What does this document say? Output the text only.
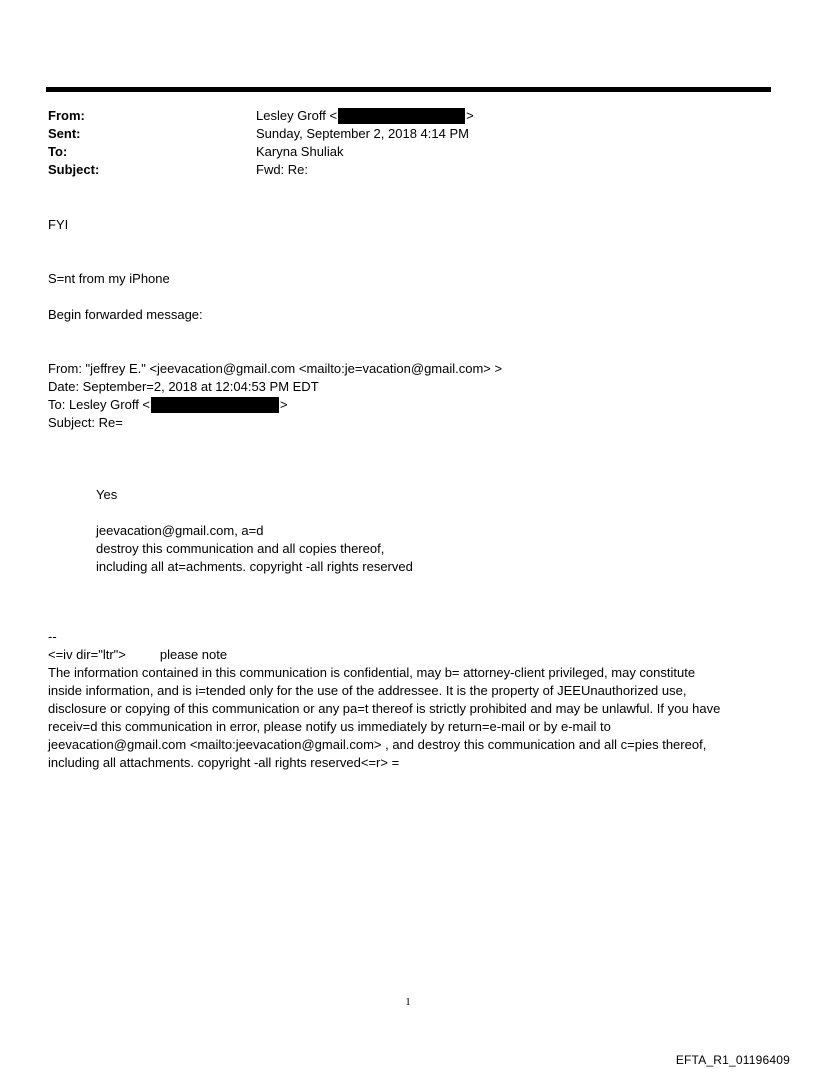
From:	Lesley Groff <	>
Sent:	Sunday, September 2, 2018 4:14 PM
To:	Karyna Shuliak
Subject:	Fwd: Re:
FYI
S=nt from my iPhone
Begin forwarded message:
From: "jeffrey E." <jeevacation@gmail.com <mailto:je=vacation@gmail.com> >
Date: September=2, 2018 at 12:04:53 PM EDT
To: Lesley Groff <	>
Subject: Re=
Yes
jeevacation@gmail.com, a=d
destroy this communication and all copies thereof,
including all at=achments. copyright -all rights reserved
--
<=iv dir="ltr">	please note
The information contained in this communication is confidential, may b= attorney-client privileged, may constitute
inside information, and is i=tended only for the use of the addressee. It is the property of JEEUnauthorized use,
disclosure or copying of this communication or any pa=t thereof is strictly prohibited and may be unlawful. If you have
receiv=d this communication in error, please notify us immediately by return=e-mail or by e-mail to
jeevacation@gmail.com <mailto:jeevacation@gmail.com> , and destroy this communication and all c=pies thereof,
including all attachments. copyright -all rights reserved<=r> =
1
EFTA_R1_01196409
